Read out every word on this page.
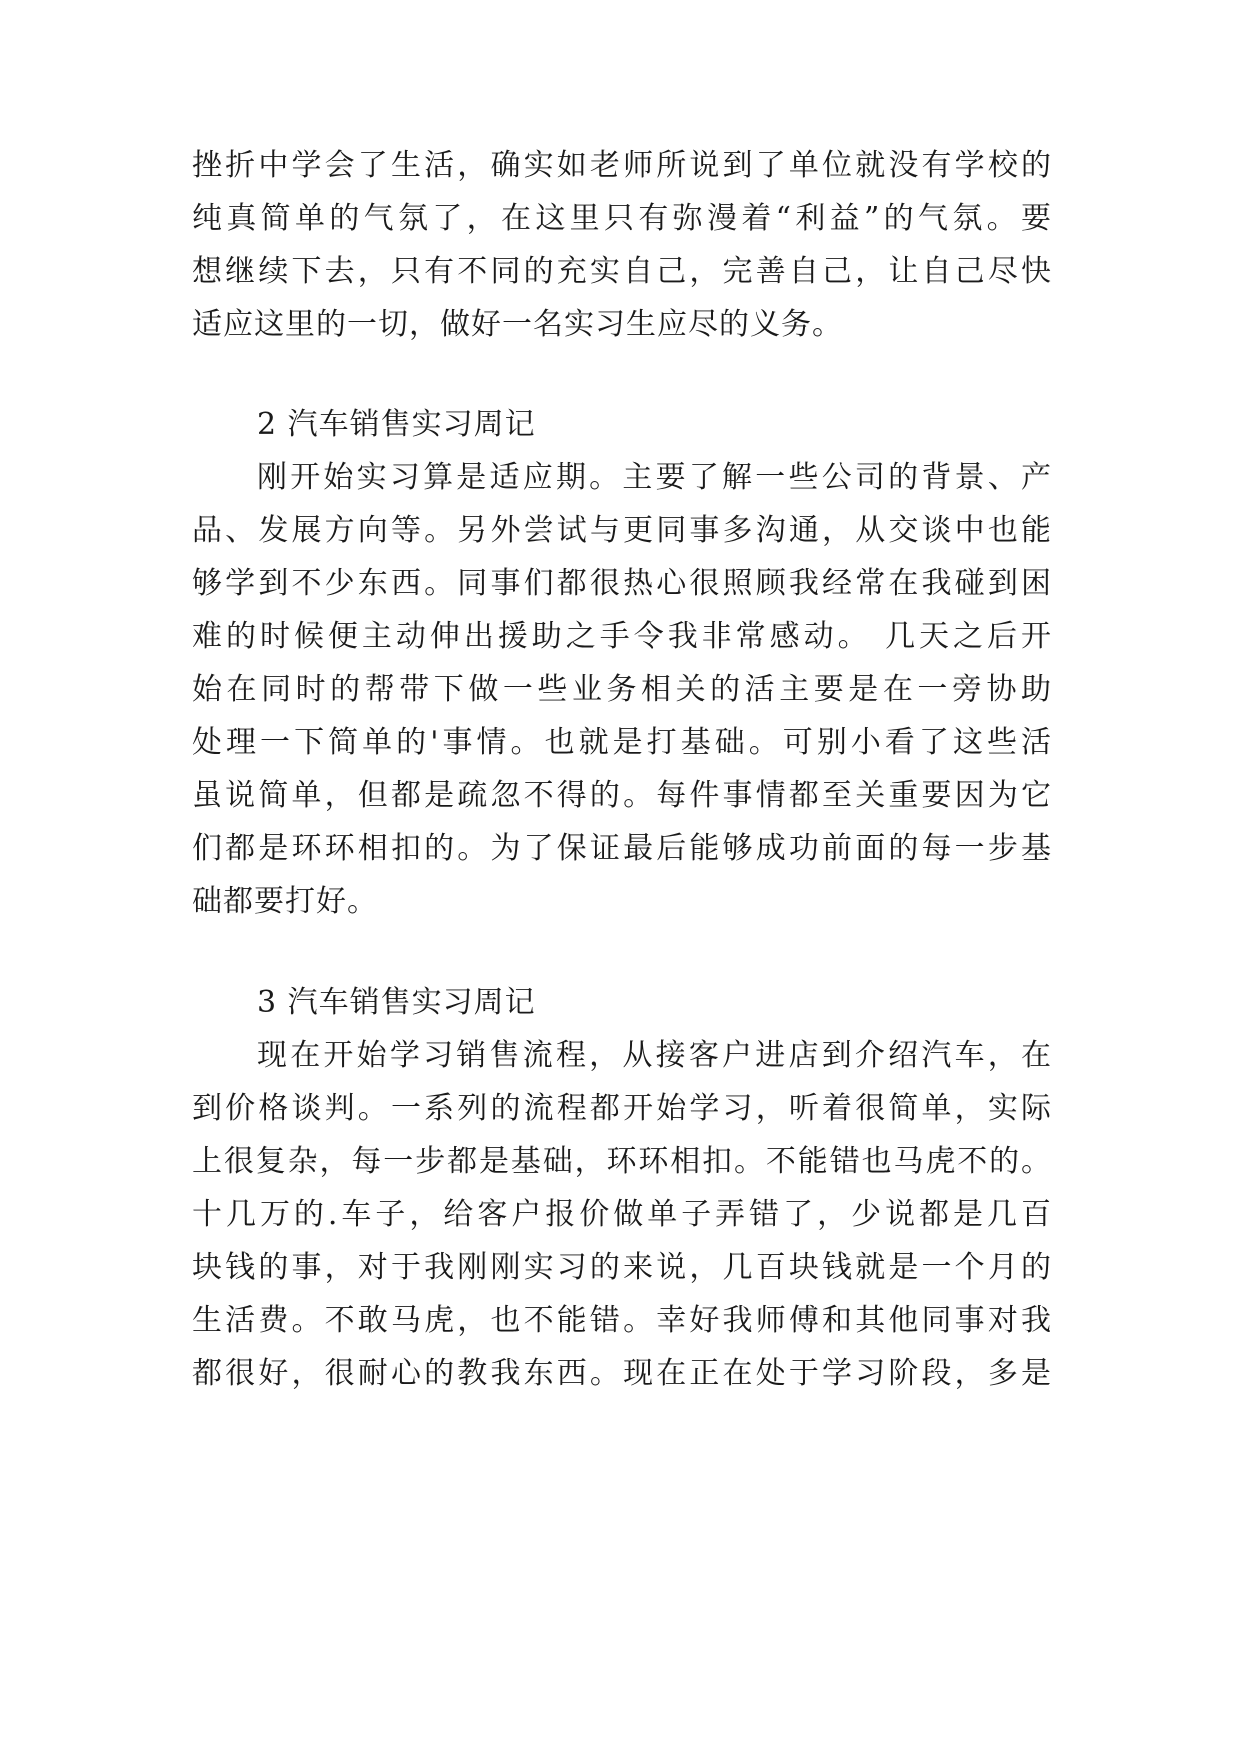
挫折中学会了生活，确实如老师所说到了单位就没有学校的
纯真简单的气氛了，在这里只有弥漫着“利益”的气氛。要
想继续下去，只有不同的充实自己，完善自己，让自己尽快
适应这里的一切，做好一名实习生应尽的义务。
2 汽车销售实习周记
刚开始实习算是适应期。主要了解一些公司的背景、产
品、发展方向等。另外尝试与更同事多沟通，从交谈中也能
够学到不少东西。同事们都很热心很照顾我经常在我碰到困
难的时候便主动伸出援助之手令我非常感动。 几天之后开
始在同时的帮带下做一些业务相关的活主要是在一旁协助
处理一下简单的'事情。也就是打基础。可别小看了这些活
虽说简单，但都是疏忽不得的。每件事情都至关重要因为它
们都是环环相扣的。为了保证最后能够成功前面的每一步基
础都要打好。
3 汽车销售实习周记
现在开始学习销售流程，从接客户进店到介绍汽车，在
到价格谈判。一系列的流程都开始学习，听着很简单，实际
上很复杂，每一步都是基础，环环相扣。不能错也马虎不的。
十几万的.车子，给客户报价做单子弄错了，少说都是几百
块钱的事，对于我刚刚实习的来说，几百块钱就是一个月的
生活费。不敢马虎，也不能错。幸好我师傅和其他同事对我
都很好，很耐心的教我东西。现在正在处于学习阶段，多是
